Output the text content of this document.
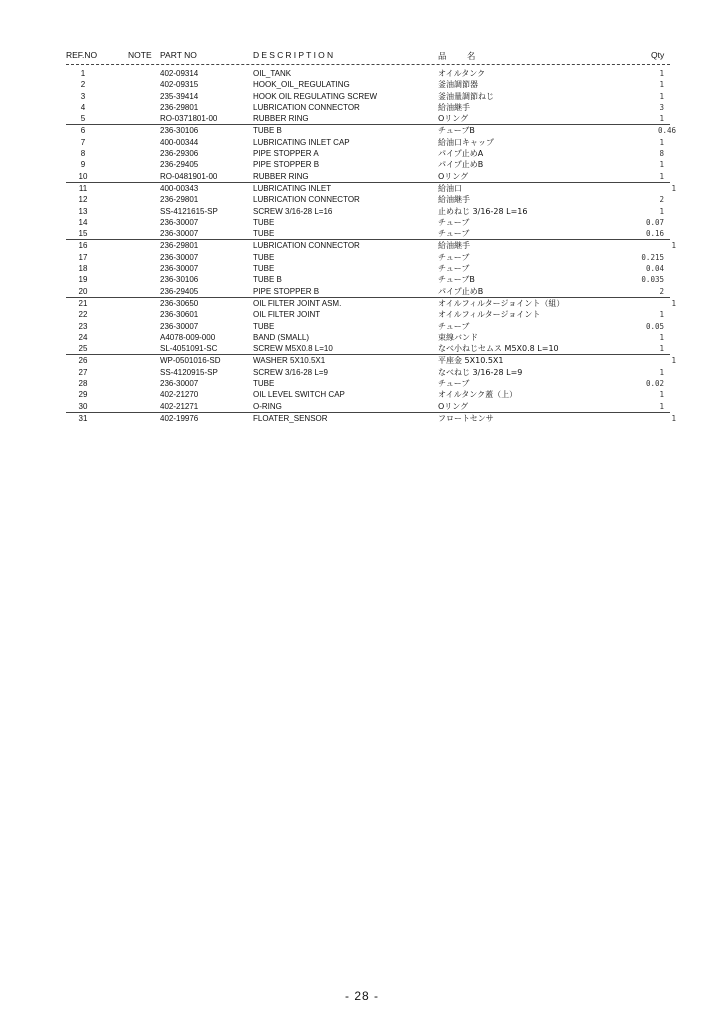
REF.NO	NOTE PART NO	DESCRIPTION	品 名	Qty
1	402-09314	OIL_TANK	オイルタンク	1
2	402-09315	HOOK_OIL_REGULATING	釜油調節器	1
3	235-39414	HOOK OIL REGULATING SCREW	釜油量調節ねじ	1
4	236-29801	LUBRICATION CONNECTOR	給油継手	3
5	RO-0371801-00	RUBBER RING	Oリング	1
6	236-30106	TUBE B	チューブB	0.46
7	400-00344	LUBRICATING INLET CAP	給油口キャップ	1
8	236-29306	PIPE STOPPER A	パイプ止めA	8
9	236-29405	PIPE STOPPER B	パイプ止めB	1
10	RO-0481901-00	RUBBER RING	Oリング	1
11	400-00343	LUBRICATING INLET	給油口	1
12	236-29801	LUBRICATION CONNECTOR	給油継手	2
13	SS-4121615-SP	SCREW 3/16-28 L=16	止めねじ 3/16-28 L=16	1
14	236-30007	TUBE	チューブ	0.07
15	236-30007	TUBE	チューブ	0.16
16	236-29801	LUBRICATION CONNECTOR	給油継手	1
17	236-30007	TUBE	チューブ	0.215
18	236-30007	TUBE	チューブ	0.04
19	236-30106	TUBE B	チューブB	0.035
20	236-29405	PIPE STOPPER B	パイプ止めB	2
21	236-30650	OIL FILTER JOINT ASM.	オイルフィルタージョイント（組）	1
22	236-30601	OIL FILTER JOINT	オイルフィルタージョイント	1
23	236-30007	TUBE	チューブ	0.05
24	A4078-009-000	BAND (SMALL)	束線バンド	1
25	SL-4051091-SC	SCREW M5X0.8 L=10	なべ小ねじセムス M5X0.8 L=10	1
26	WP-0501016-SD	WASHER 5X10.5X1	平座金 5X10.5X1	1
27	SS-4120915-SP	SCREW 3/16-28 L=9	なべねじ 3/16-28 L=9	1
28	236-30007	TUBE	チューブ	0.02
29	402-21270	OIL LEVEL SWITCH CAP	オイルタンク蓋（上）	1
30	402-21271	O-RING	Oリング	1
31	402-19976	FLOATER_SENSOR	フロートセンサ	1
- 28 -
